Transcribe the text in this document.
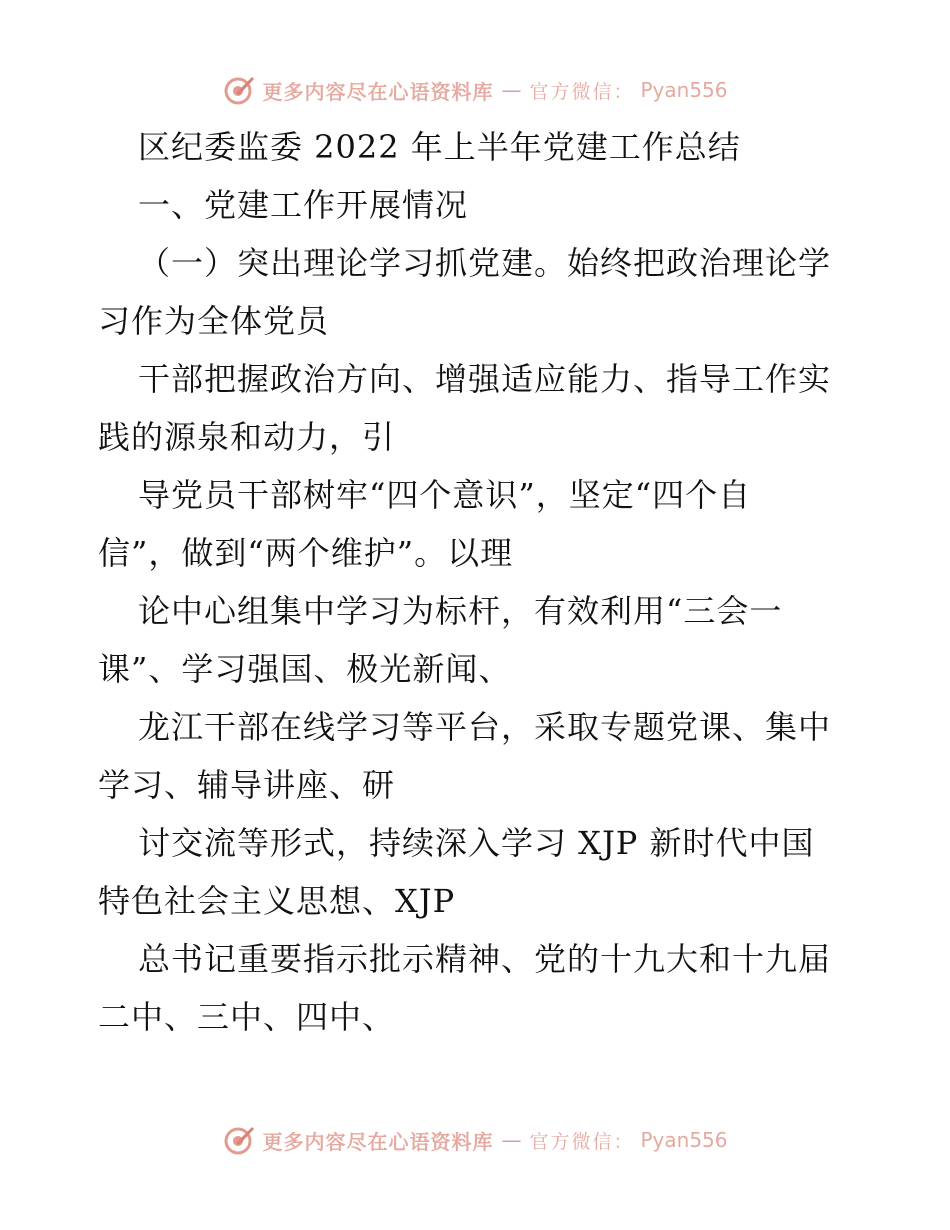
更多内容尽在心语资料库 — 官方微信： Pyan556
区纪委监委 2022 年上半年党建工作总结
一、党建工作开展情况
（一）突出理论学习抓党建。始终把政治理论学
习作为全体党员
干部把握政治方向、增强适应能力、指导工作实
践的源泉和动力，引
导党员干部树牢“四个意识”，坚定“四个自
信”，做到“两个维护”。以理
论中心组集中学习为标杆，有效利用“三会一
课”、学习强国、极光新闻、
龙江干部在线学习等平台，采取专题党课、集中
学习、辅导讲座、研
讨交流等形式，持续深入学习 XJP 新时代中国
特色社会主义思想、XJP
总书记重要指示批示精神、党的十九大和十九届
二中、三中、四中、
更多内容尽在心语资料库 — 官方微信： Pyan556
